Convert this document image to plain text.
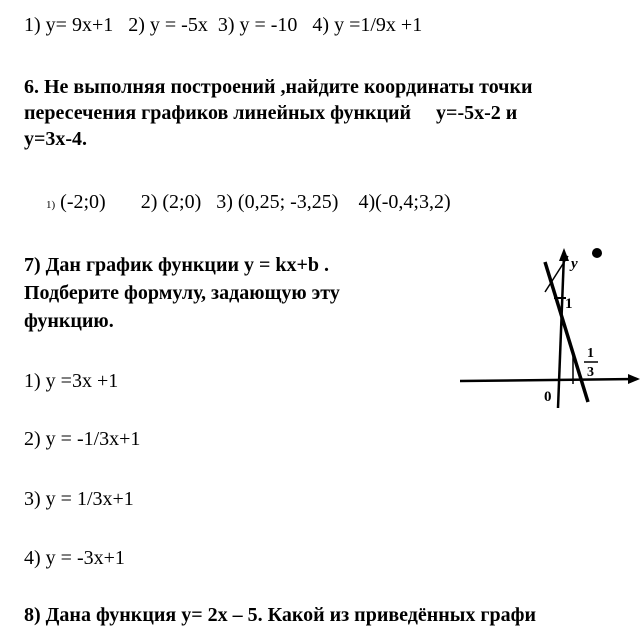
1) y= 9x+1   2) y = -5x  3) y = -10   4) y =1/9x +1
6. Не выполняя построений ,найдите координаты точки
пересечения графиков линейных функций     y=-5x-2 и
y=3x-4.
1) (-2;0)       2) (2;0)   3) (0,25; -3,25)    4)(-0,4;3,2)
7) Дан график функции y = kx+b .
Подберите формулу, задающую эту
функцию.
1) y =3x +1
2) y = -1/3x+1
3) y = 1/3x+1
4) y = -3x+1
y
1
0
1
3
8) Дана функция y= 2x – 5. Какой из приведённых графи
